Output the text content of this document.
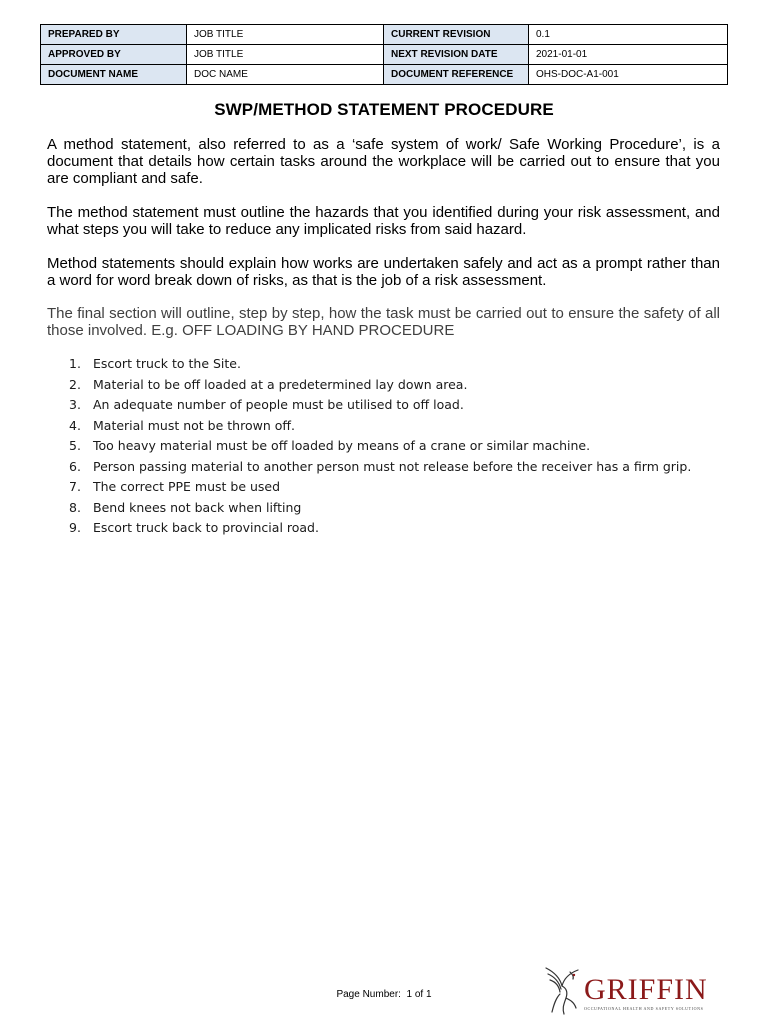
PREPARED BY	JOB TITLE	CURRENT REVISION	0.1
APPROVED BY	JOB TITLE	NEXT REVISION DATE	2021-01-01
DOCUMENT NAME	DOC NAME	DOCUMENT REFERENCE	OHS-DOC-A1-001
SWP/METHOD STATEMENT PROCEDURE

A method statement, also referred to as a ‘safe system of work/ Safe Working Procedure’, is a document that details how certain tasks around the workplace will be carried out to ensure that you are compliant and safe.

The method statement must outline the hazards that you identified during your risk assessment, and what steps you will take to reduce any implicated risks from said hazard.

Method statements should explain how works are undertaken safely and act as a prompt rather than a word for word break down of risks, as that is the job of a risk assessment.

The final section will outline, step by step, how the task must be carried out to ensure the safety of all those involved. E.g. OFF LOADING BY HAND PROCEDURE

1. Escort truck to the Site.
2. Material to be off loaded at a predetermined lay down area.
3. An adequate number of people must be utilised to off load.
4. Material must not be thrown off.
5. Too heavy material must be off loaded by means of a crane or similar machine.
6. Person passing material to another person must not release before the receiver has a firm grip.
7. The correct PPE must be used
8. Bend knees not back when lifting
9. Escort truck back to provincial road.
Page Number: 1 of 1	GRIFFIN
OCCUPATIONAL HEALTH AND SAFETY SOLUTIONS
